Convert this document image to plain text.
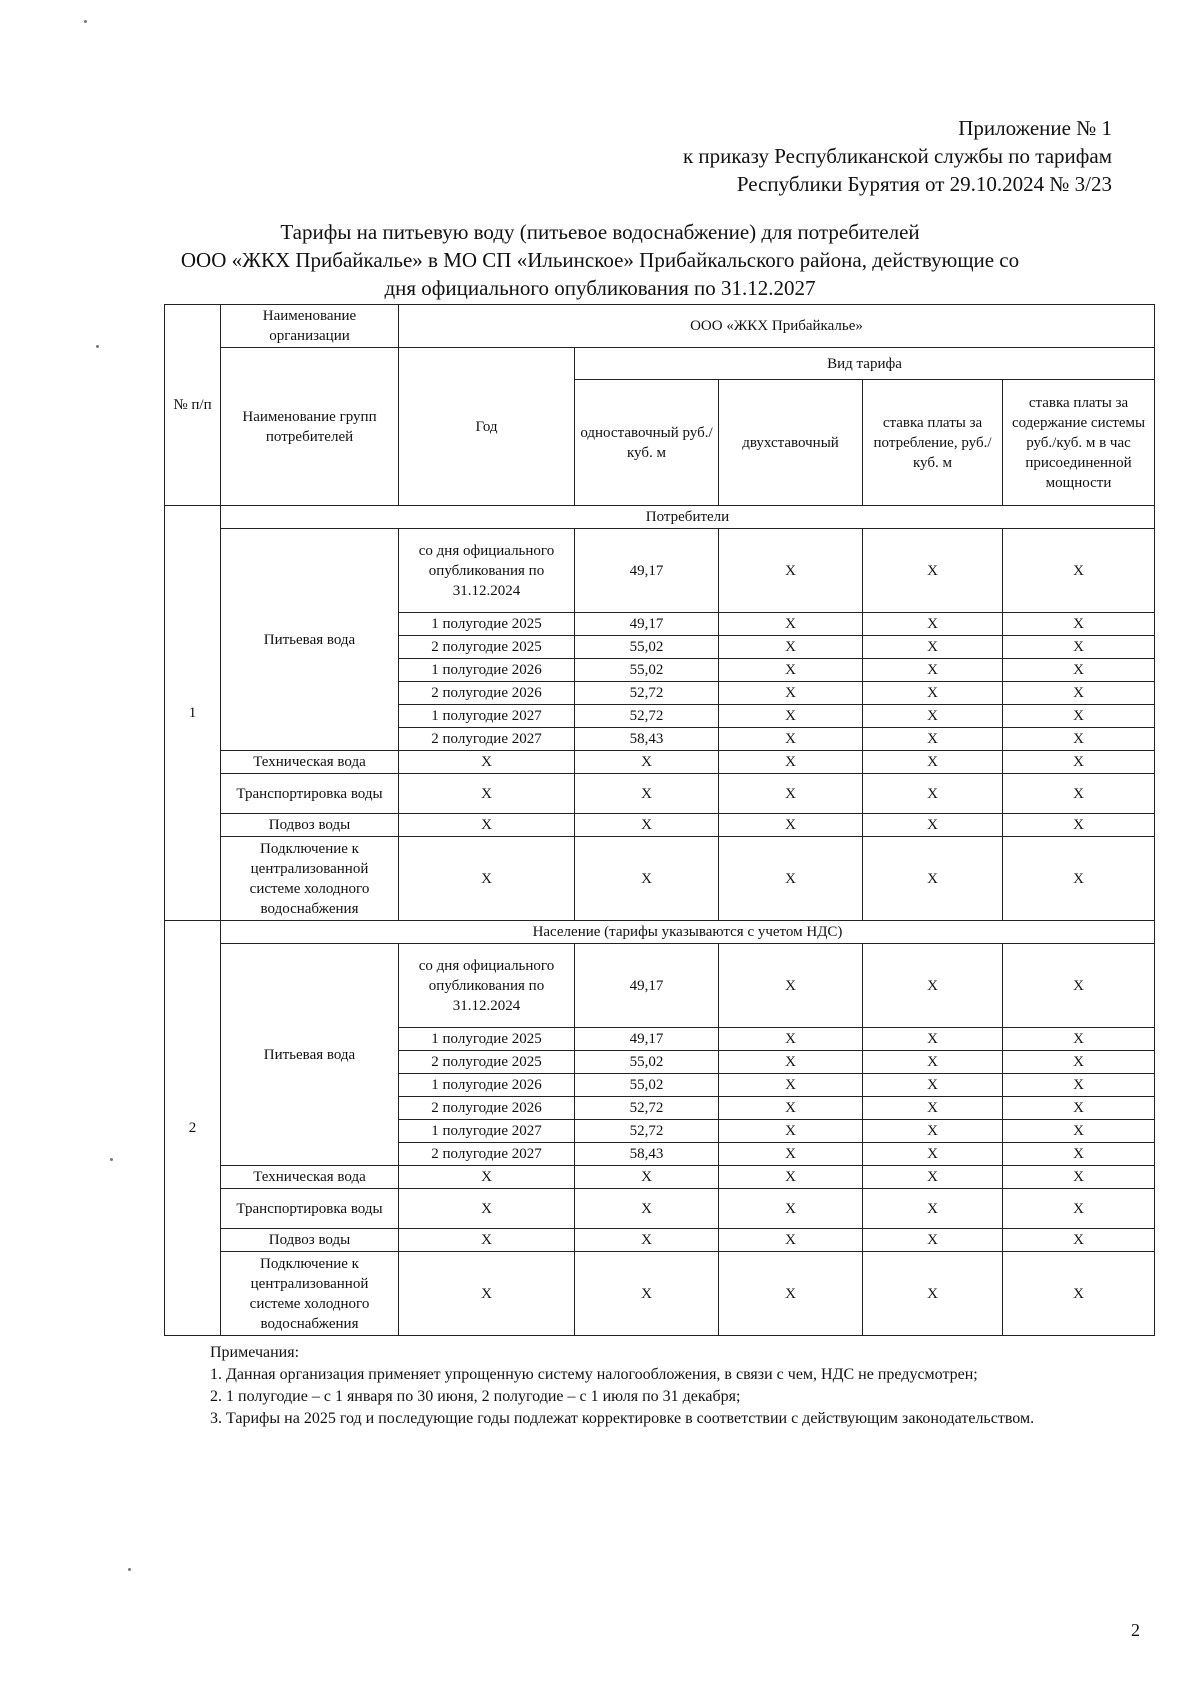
Приложение № 1
к приказу Республиканской службы по тарифам
Республики Бурятия от 29.10.2024 № 3/23
Тарифы на питьевую воду (питьевое водоснабжение) для потребителей
ООО «ЖКХ Прибайкалье» в МО СП «Ильинское» Прибайкальского района, действующие со
дня официального опубликования по 31.12.2027
№ п/п	Наименование организации	ООО «ЖКХ Прибайкалье»				
	Наименование групп потребителей	Год	Вид тарифа			
			одноставочный руб./ куб. м	двухставочный	ставка платы за потребление, руб./ куб. м	ставка платы за содержание системы руб./куб. м в час присоединенной мощности
1	Потребители					
	Питьевая вода	со дня официального опубликования по 31.12.2024	49,17	X	X	X
		1 полугодие 2025	49,17	X	X	X
		2 полугодие 2025	55,02	X	X	X
		1 полугодие 2026	55,02	X	X	X
		2 полугодие 2026	52,72	X	X	X
		1 полугодие 2027	52,72	X	X	X
		2 полугодие 2027	58,43	X	X	X
	Техническая вода	X	X	X	X	X
	Транспортировка воды	X	X	X	X	X
	Подвоз воды	X	X	X	X	X
	Подключение к централизованной системе холодного водоснабжения	X	X	X	X	X
2	Население (тарифы указываются с учетом НДС)					
	Питьевая вода	со дня официального опубликования по 31.12.2024	49,17	X	X	X
		1 полугодие 2025	49,17	X	X	X
		2 полугодие 2025	55,02	X	X	X
		1 полугодие 2026	55,02	X	X	X
		2 полугодие 2026	52,72	X	X	X
		1 полугодие 2027	52,72	X	X	X
		2 полугодие 2027	58,43	X	X	X
	Техническая вода	X	X	X	X	X
	Транспортировка воды	X	X	X	X	X
	Подвоз воды	X	X	X	X	X
	Подключение к централизованной системе холодного водоснабжения	X	X	X	X	X

Примечания:

1. Данная организация применяет упрощенную систему налогообложения, в связи с чем, НДС не предусмотрен;

2. 1 полугодие – с 1 января по 30 июня, 2 полугодие – с 1 июля по 31 декабря;

3. Тарифы на 2025 год и последующие годы подлежат корректировке в соответствии с действующим законодательством.

2
